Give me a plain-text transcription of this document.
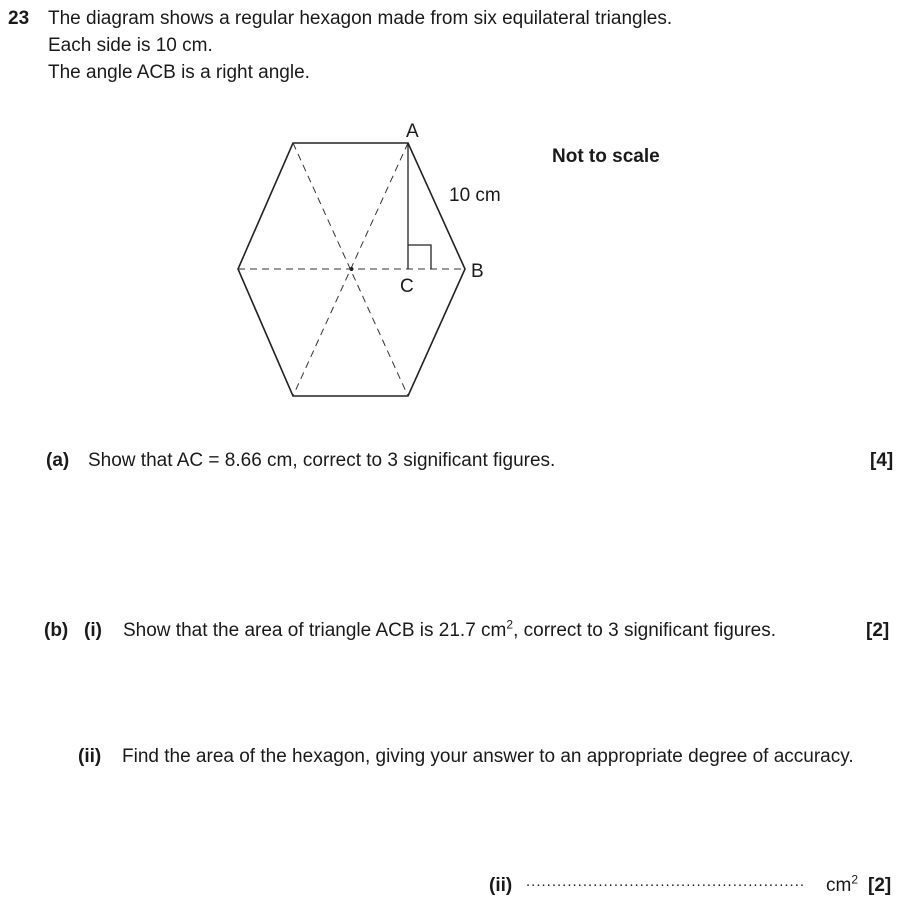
23 The diagram shows a regular hexagon made from six equilateral triangles.
Each side is 10 cm.
The angle ACB is a right angle.
A
B
C
10 cm
Not to scale
(a) Show that AC = 8.66 cm, correct to 3 significant figures.	[4]
(b) (i) Show that the area of triangle ACB is 21.7 $cm^2$, correct to 3 significant figures.	[2]
(ii) Find the area of the hexagon, giving your answer to an appropriate degree of accuracy.
(ii) ...................................................... $cm^2$ [2]
